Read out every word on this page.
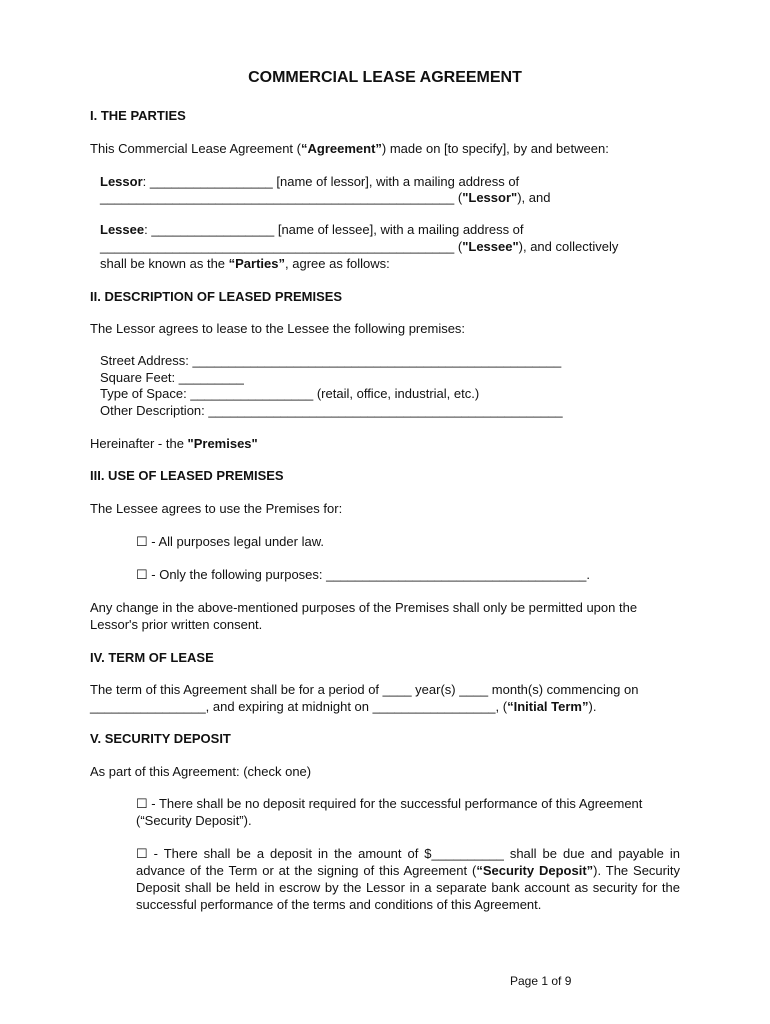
COMMERCIAL LEASE AGREEMENT
I. THE PARTIES

This Commercial Lease Agreement (“Agreement”) made on [to specify], by and between:

Lessor: _________________ [name of lessor], with a mailing address of

_________________________________________________ ("Lessor"), and

Lessee: _________________ [name of lessee], with a mailing address of

_________________________________________________ ("Lessee"), and collectively

shall be known as the “Parties”, agree as follows:

II. DESCRIPTION OF LEASED PREMISES

The Lessor agrees to lease to the Lessee the following premises:

Street Address: ___________________________________________________

Square Feet: _________

Type of Space: _________________ (retail, office, industrial, etc.)

Other Description: _________________________________________________

Hereinafter - the "Premises"

III. USE OF LEASED PREMISES

The Lessee agrees to use the Premises for:

☐ - All purposes legal under law.

☐ - Only the following purposes: ____________________________________.

Any change in the above-mentioned purposes of the Premises shall only be permitted upon the Lessor's prior written consent.

IV. TERM OF LEASE

The term of this Agreement shall be for a period of ____ year(s) ____ month(s) commencing on ________________, and expiring at midnight on _________________, (“Initial Term”).

V. SECURITY DEPOSIT

As part of this Agreement: (check one)

☐ - There shall be no deposit required for the successful performance of this Agreement (“Security Deposit”).

☐ - There shall be a deposit in the amount of $__________ shall be due and payable in advance of the Term or at the signing of this Agreement (“Security Deposit”). The Security Deposit shall be held in escrow by the Lessor in a separate bank account as security for the successful performance of the terms and conditions of this Agreement.

Page 1 of 9
